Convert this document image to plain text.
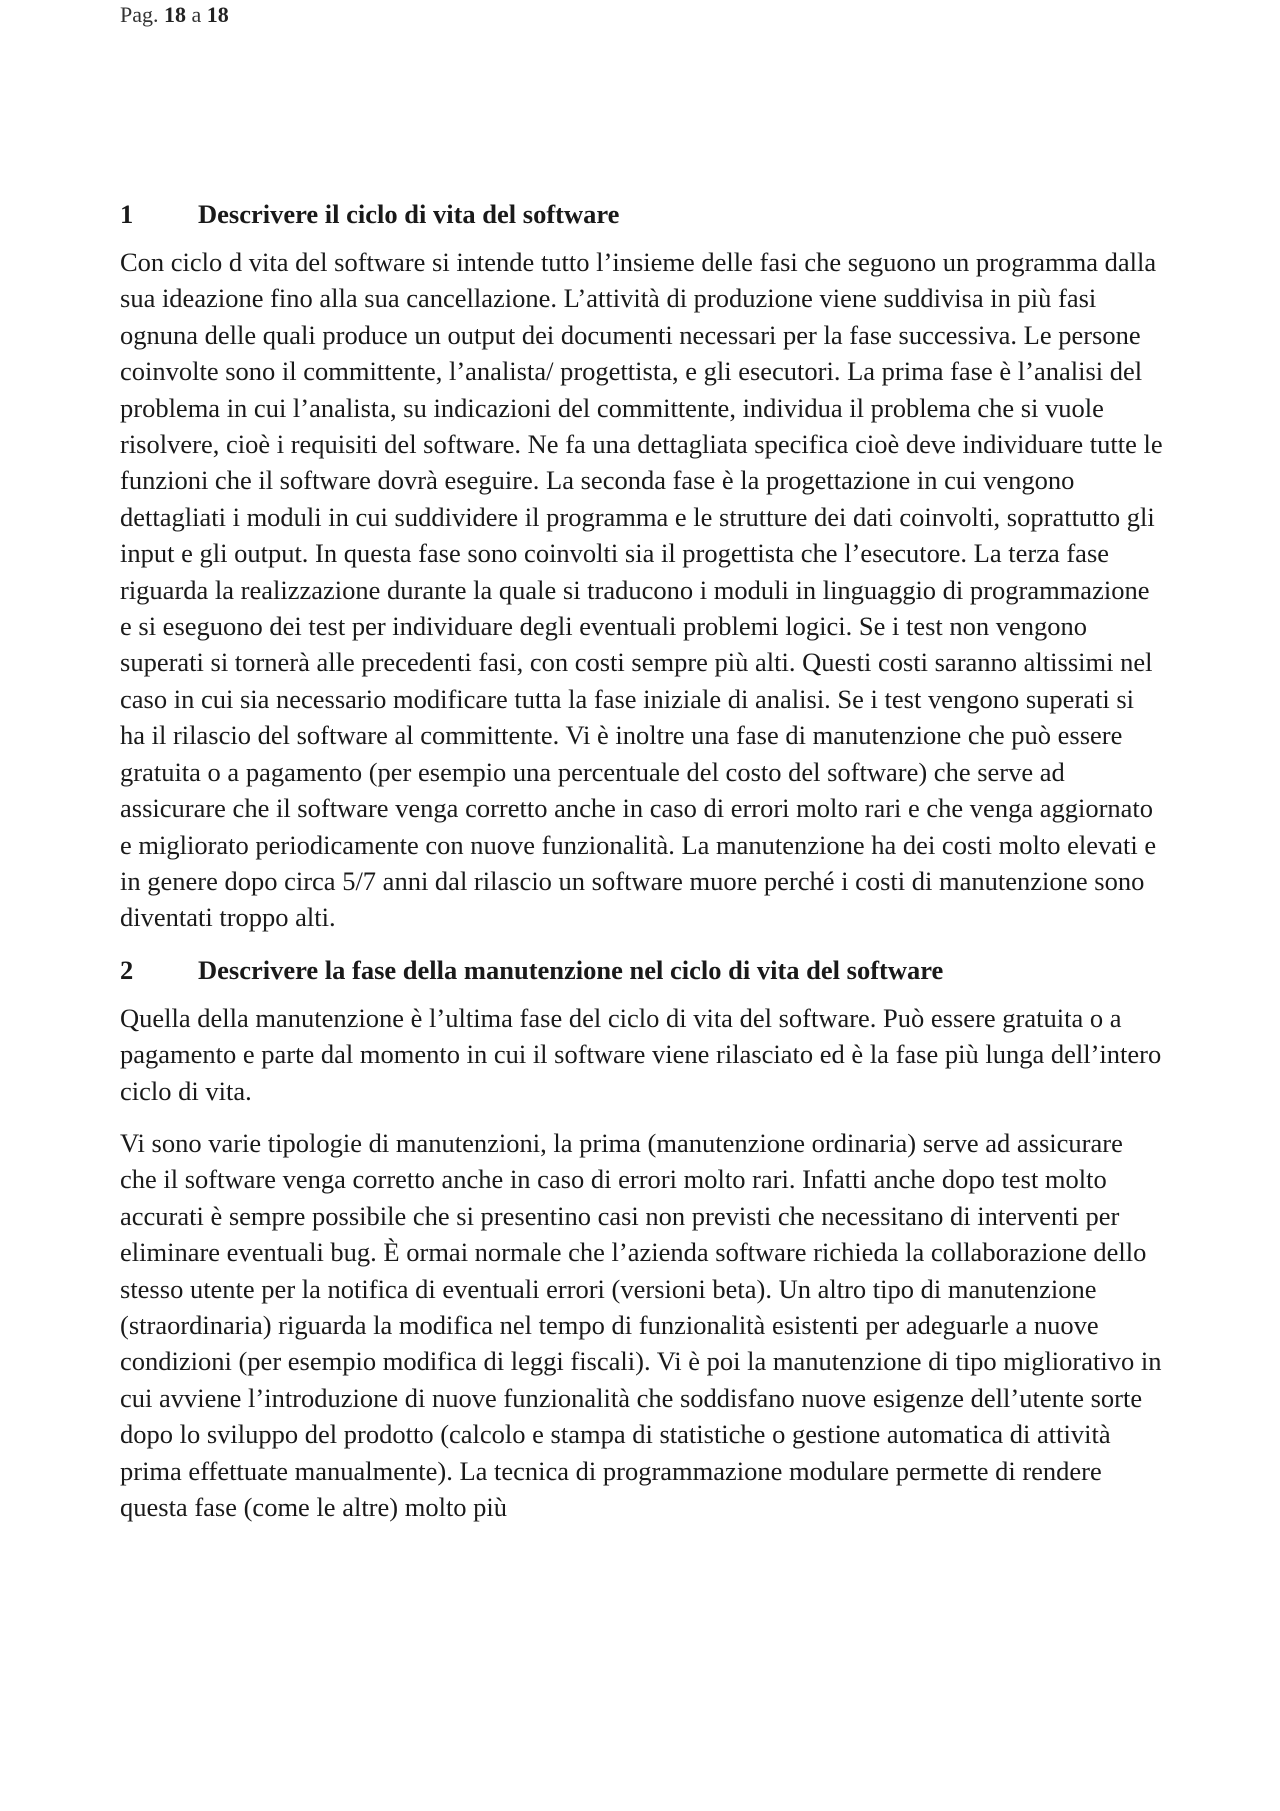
Pag. 18 a 18
1	Descrivere il ciclo di vita del software

Con ciclo d vita del software si intende tutto l’insieme delle fasi che seguono un programma dalla sua ideazione fino alla sua cancellazione. L’attività di produzione viene suddivisa in più fasi ognuna delle quali produce un output dei documenti necessari per la fase successiva. Le persone coinvolte sono il committente, l’analista/ progettista, e gli esecutori. La prima fase è l’analisi del problema in cui l’analista, su indicazioni del committente, individua il problema che si vuole risolvere, cioè i requisiti del software. Ne fa una dettagliata specifica cioè deve individuare tutte le funzioni che il software dovrà eseguire. La seconda fase è la progettazione in cui vengono dettagliati i moduli in cui suddividere il programma e le strutture dei dati coinvolti, soprattutto gli input e gli output. In questa fase sono coinvolti sia il progettista che l’esecutore. La terza fase riguarda la realizzazione durante la quale si traducono i moduli in linguaggio di programmazione e si eseguono dei test per individuare degli eventuali problemi logici. Se i test non vengono superati si tornerà alle precedenti fasi, con costi sempre più alti. Questi costi saranno altissimi nel caso in cui sia necessario modificare tutta la fase iniziale di analisi. Se i test vengono superati si ha il rilascio del software al committente. Vi è inoltre una fase di manutenzione che può essere gratuita o a pagamento (per esempio una percentuale del costo del software) che serve ad assicurare che il software venga corretto anche in caso di errori molto rari e che venga aggiornato e migliorato periodicamente con nuove funzionalità. La manutenzione ha dei costi molto elevati e in genere dopo circa 5/7 anni dal rilascio un software muore perché i costi di manutenzione sono diventati troppo alti.

2	Descrivere la fase della manutenzione nel ciclo di vita del software

Quella della manutenzione è l’ultima fase del ciclo di vita del software. Può essere gratuita o a pagamento e parte dal momento in cui il software viene rilasciato ed è la fase più lunga dell’intero ciclo di vita.

Vi sono varie tipologie di manutenzioni, la prima (manutenzione ordinaria) serve ad assicurare che il software venga corretto anche in caso di errori molto rari. Infatti anche dopo test molto accurati è sempre possibile che si presentino casi non previsti che necessitano di interventi per eliminare eventuali bug. È ormai normale che l’azienda software richieda la collaborazione dello stesso utente per la notifica di eventuali errori (versioni beta). Un altro tipo di manutenzione (straordinaria) riguarda la modifica nel tempo di funzionalità esistenti per adeguarle a nuove condizioni (per esempio modifica di leggi fiscali). Vi è poi la manutenzione di tipo migliorativo in cui avviene l’introduzione di nuove funzionalità che soddisfano nuove esigenze dell’utente sorte dopo lo sviluppo del prodotto (calcolo e stampa di statistiche o gestione automatica di attività prima effettuate manualmente). La tecnica di programmazione modulare permette di rendere questa fase (come le altre) molto più
